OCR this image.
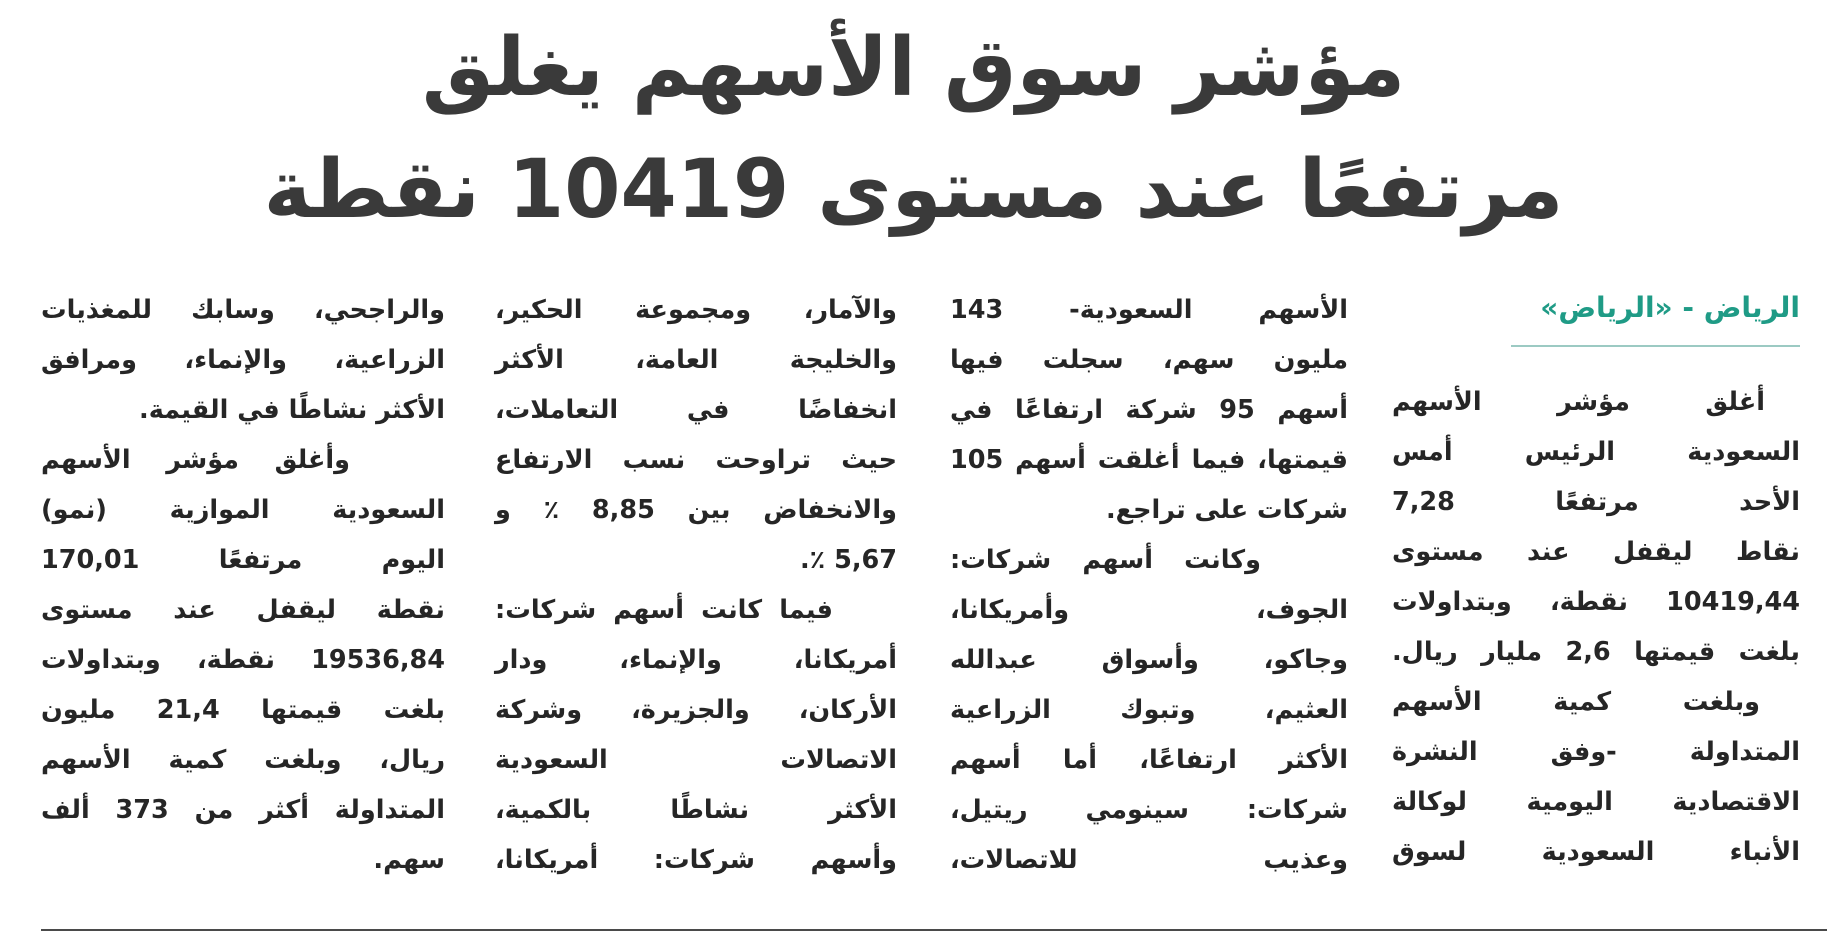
مؤشر سوق الأسهم يغلق
مرتفعًا عند مستوى 10419 نقطة
الرياض - «الرياض»
أغلق مؤشر الأسهم
السعودية الرئيس أمس
الأحد مرتفعًا 7,28
نقاط ليقفل عند مستوى
10419,44 نقطة، وبتداولات
بلغت قيمتها 2,6 مليار ريال.
وبلغت كمية الأسهم
المتداولة -وفق النشرة
الاقتصادية اليومية لوكالة
الأنباء السعودية لسوق
الأسهم السعودية- 143
مليون سهم، سجلت فيها
أسهم 95 شركة ارتفاعًا في
قيمتها، فيما أغلقت أسهم 105
شركات على تراجع.
وكانت أسهم شركات:
الجوف، وأمريكانا،
وجاكو، وأسواق عبدالله
العثيم، وتبوك الزراعية
الأكثر ارتفاعًا، أما أسهم
شركات: سينومي ريتيل،
وعذيب للاتصالات،
والآمار، ومجموعة الحكير،
والخليجة العامة، الأكثر
انخفاضًا في التعاملات،
حيث تراوحت نسب الارتفاع
والانخفاض بين 8,85 ٪ و
5,67 ٪.
فيما كانت أسهم شركات:
أمريكانا، والإنماء، ودار
الأركان، والجزيرة، وشركة
الاتصالات السعودية
الأكثر نشاطًا بالكمية،
وأسهم شركات: أمريكانا،
والراجحي، وسابك للمغذيات
الزراعية، والإنماء، ومرافق
الأكثر نشاطًا في القيمة.
وأغلق مؤشر الأسهم
السعودية الموازية (نمو)
اليوم مرتفعًا 170,01
نقطة ليقفل عند مستوى
19536,84 نقطة، وبتداولات
بلغت قيمتها 21,4 مليون
ريال، وبلغت كمية الأسهم
المتداولة أكثر من 373 ألف
سهم.
